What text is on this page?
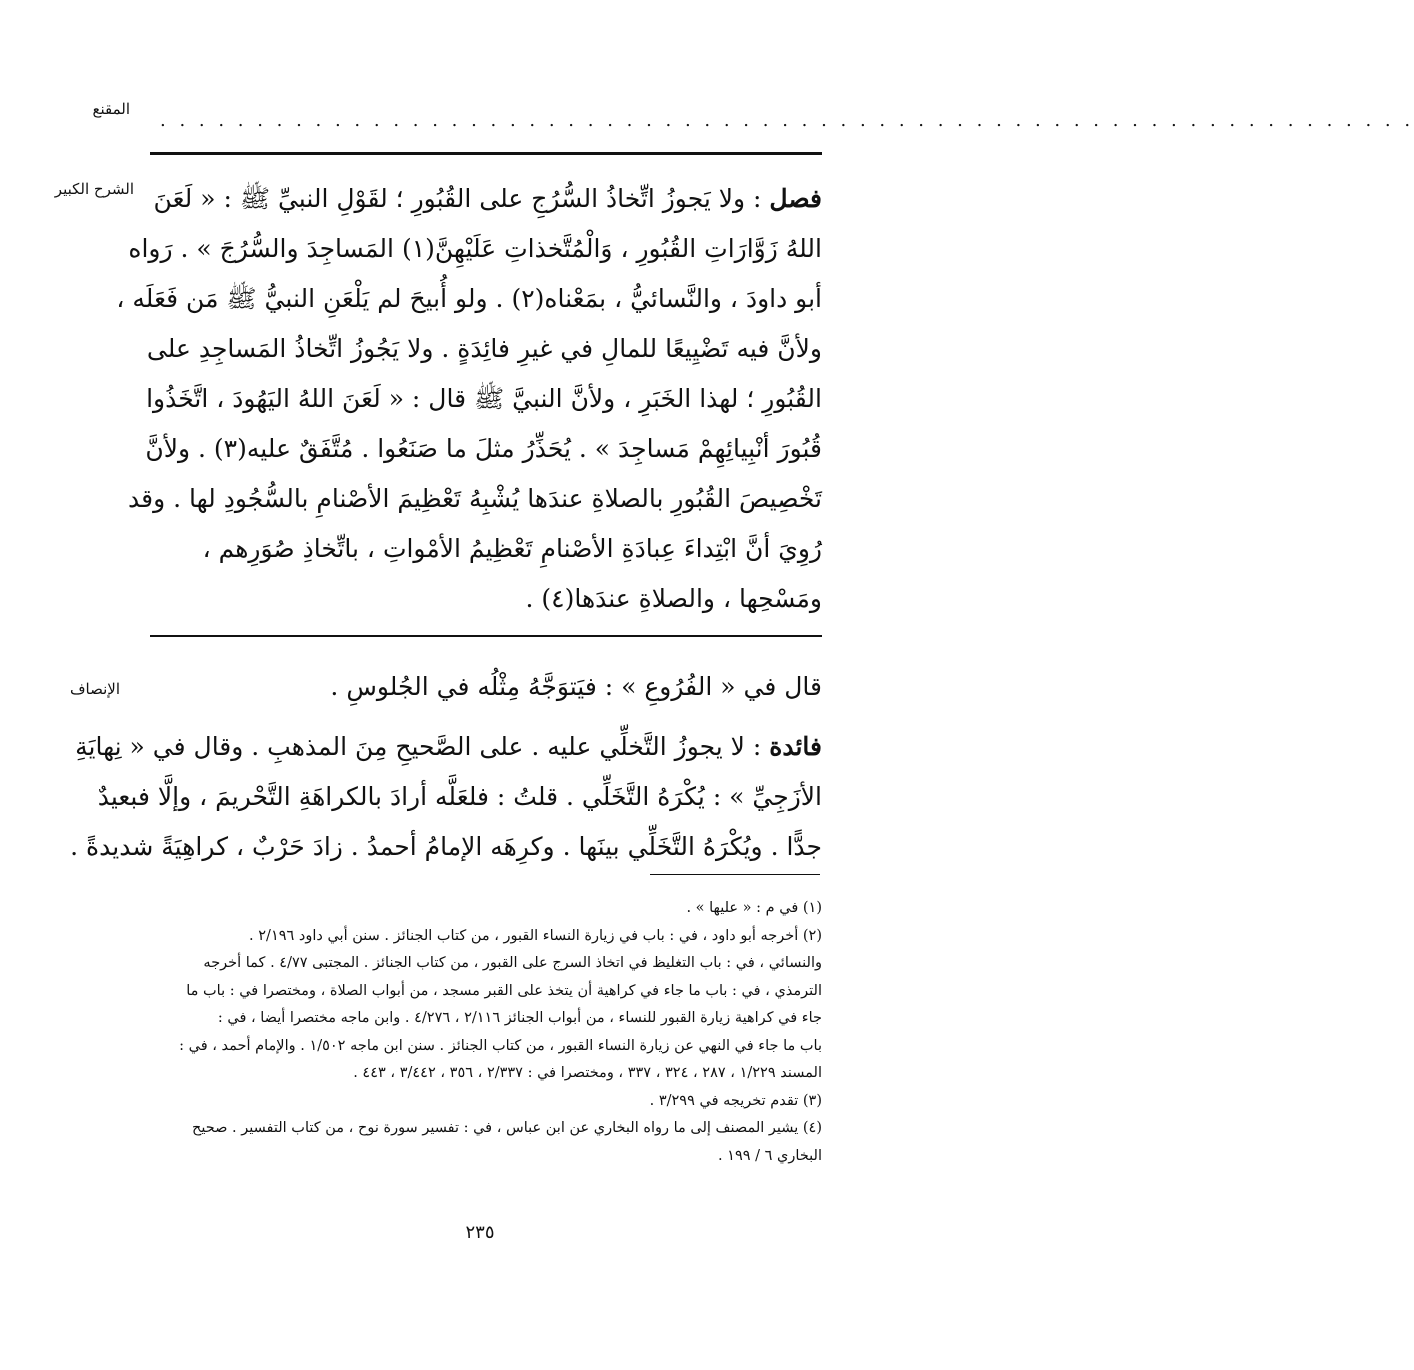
المقنع
الشرح الكبير
الإنصاف
. . . . . . . . . . . . . . . . . . . . . . . . . . . . . . . . . . . . . . . . . . . . . . . . . . . . . . . . . . . . . . . . .
فصل : ولا يَجوزُ اتِّخاذُ السُّرُجِ على القُبُورِ ؛ لقَوْلِ النبيِّ ﷺ : « لَعَنَ
اللهُ زَوَّارَاتِ القُبُورِ ، وَالْمُتَّخذاتِ عَلَيْهِنَّ(١) المَساجِدَ والسُّرُجَ » . رَواه
أبو داودَ ، والنَّسائيُّ ، بمَعْناه(٢) . ولو أُبيحَ لم يَلْعَنِ النبيُّ ﷺ مَن فَعَلَه ،
ولأنَّ فيه تَضْيِيعًا للمالِ في غيرِ فائِدَةٍ . ولا يَجُوزُ اتِّخاذُ المَساجِدِ على
القُبُورِ ؛ لهذا الخَبَرِ ، ولأنَّ النبيَّ ﷺ قال : « لَعَنَ اللهُ اليَهُودَ ، اتَّخَذُوا
قُبُورَ أنْبِيائِهِمْ مَساجِدَ » . يُحَذِّرُ مثلَ ما صَنَعُوا . مُتَّفَقٌ عليه(٣) . ولأنَّ
تَخْصِيصَ القُبُورِ بالصلاةِ عندَها يُشْبِهُ تَعْظِيمَ الأصْنامِ بالسُّجُودِ لها . وقد
رُوِيَ أنَّ ابْتِداءَ عِبادَةِ الأصْنامِ تَعْظِيمُ الأمْواتِ ، باتِّخاذِ صُوَرِهم ،
ومَسْحِها ، والصلاةِ عندَها(٤) .
قال في « الفُرُوعِ » : فيَتوَجَّهُ مِثْلُه في الجُلوسِ .
فائدة : لا يجوزُ التَّخلِّي عليه . على الصَّحيحِ مِنَ المذهبِ . وقال في « نِهايَةِ
الأزَجِيِّ » : يُكْرَهُ التَّخَلِّي . قلتُ : فلعَلَّه أرادَ بالكراهَةِ التَّحْريمَ ، وإلَّا فبعيدٌ
جدًّا . ويُكْرَهُ التَّخَلِّي بينَها . وكرِهَه الإمامُ أحمدُ . زادَ حَرْبٌ ، كراهِيَةً شديدةً .
(١) في م : « عليها » .
(٢) أخرجه أبو داود ، في : باب في زيارة النساء القبور ، من كتاب الجنائز . سنن أبي داود ٢/١٩٦ .
والنسائي ، في : باب التغليظ في اتخاذ السرج على القبور ، من كتاب الجنائز . المجتبى ٤/٧٧ . كما أخرجه
الترمذي ، في : باب ما جاء في كراهية أن يتخذ على القبر مسجد ، من أبواب الصلاة ، ومختصرا في : باب ما
جاء في كراهية زيارة القبور للنساء ، من أبواب الجنائز ٢/١١٦ ، ٤/٢٧٦ . وابن ماجه مختصرا أيضا ، في :
باب ما جاء في النهي عن زيارة النساء القبور ، من كتاب الجنائز . سنن ابن ماجه ١/٥٠٢ . والإمام أحمد ، في :
المسند ١/٢٢٩ ، ٢٨٧ ، ٣٢٤ ، ٣٣٧ ، ومختصرا في : ٢/٣٣٧ ، ٣٥٦ ، ٣/٤٤٢ ، ٤٤٣ .
(٣) تقدم تخريجه في ٣/٢٩٩ .
(٤) يشير المصنف إلى ما رواه البخاري عن ابن عباس ، في : تفسير سورة نوح ، من كتاب التفسير . صحيح
البخاري ٦ / ١٩٩ .
٢٣٥
